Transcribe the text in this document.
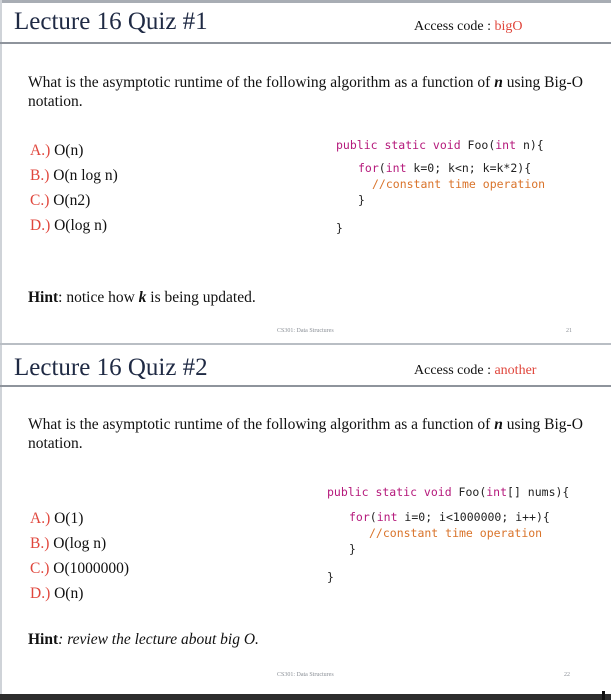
Lecture 16 Quiz #1	Access code : bigO
What is the asymptotic runtime of the following algorithm as a function of n using Big-O notation.
A.) O(n)
B.) O(n log n)
C.) O(n2)
D.) O(log n)
public static void Foo(int n){
for(int k=0; k<n; k=k*2){
//constant time operation
}
}
Hint: notice how k is being updated.
CS301: Data Structures	21
Lecture 16 Quiz #2	Access code : another
What is the asymptotic runtime of the following algorithm as a function of n using Big-O notation.
A.) O(1)
B.) O(log n)
C.) O(1000000)
D.) O(n)
public static void Foo(int[] nums){
for(int i=0; i<1000000; i++){
//constant time operation
}
}
Hint: review the lecture about big O.
CS301: Data Structures	22
